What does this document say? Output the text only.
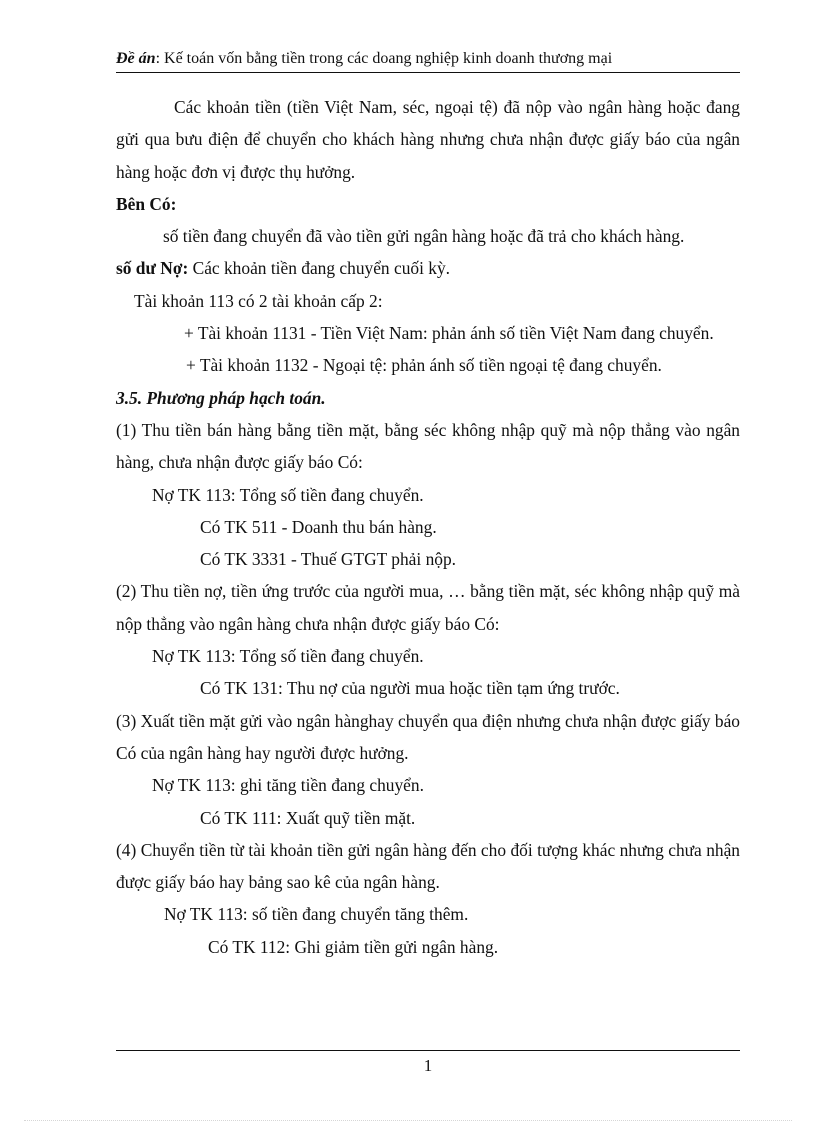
Đề án: Kế toán vốn bằng tiền trong các doang nghiệp kinh doanh thương mại

Các khoản tiền (tiền Việt Nam, séc, ngoại tệ) đã nộp vào ngân hàng hoặc đang gửi qua bưu điện để chuyển cho khách hàng nhưng chưa nhận được giấy báo của ngân hàng hoặc đơn vị được thụ hưởng.

Bên Có:

số tiền đang chuyển đã vào tiền gửi ngân hàng hoặc đã trả cho khách hàng.

số dư Nợ: Các khoản tiền đang chuyển cuối kỳ.

Tài khoản 113 có 2 tài khoản cấp 2:

+ Tài khoản 1131 - Tiền Việt Nam: phản ánh số tiền Việt Nam đang chuyển.

+ Tài khoản 1132 - Ngoại tệ: phản ánh số tiền ngoại tệ đang chuyển.

3.5. Phương pháp hạch toán.

(1) Thu tiền bán hàng bằng tiền mặt, bằng séc không nhập quỹ mà nộp thẳng vào ngân hàng, chưa nhận được giấy báo Có:

Nợ TK 113: Tổng số tiền đang chuyển.

Có TK 511 - Doanh thu bán hàng.

Có TK 3331 - Thuế GTGT phải nộp.

(2) Thu tiền nợ, tiền ứng trước của người mua, … bằng tiền mặt, séc không nhập quỹ mà nộp thẳng vào ngân hàng chưa nhận được giấy báo Có:

Nợ TK 113: Tổng số tiền đang chuyển.

Có TK 131: Thu nợ của người mua hoặc tiền tạm ứng trước.

(3) Xuất tiền mặt gửi vào ngân hànghay chuyển qua điện nhưng chưa nhận được giấy báo Có của ngân hàng hay người được hưởng.

Nợ TK 113: ghi tăng tiền đang chuyển.

Có TK 111: Xuất quỹ tiền mặt.

(4) Chuyển tiền từ tài khoản tiền gửi ngân hàng đến cho đối tượng khác nhưng chưa nhận được giấy báo hay bảng sao kê của ngân hàng.

Nợ TK 113: số tiền đang chuyển tăng thêm.

Có TK 112: Ghi giảm tiền gửi ngân hàng.

1
